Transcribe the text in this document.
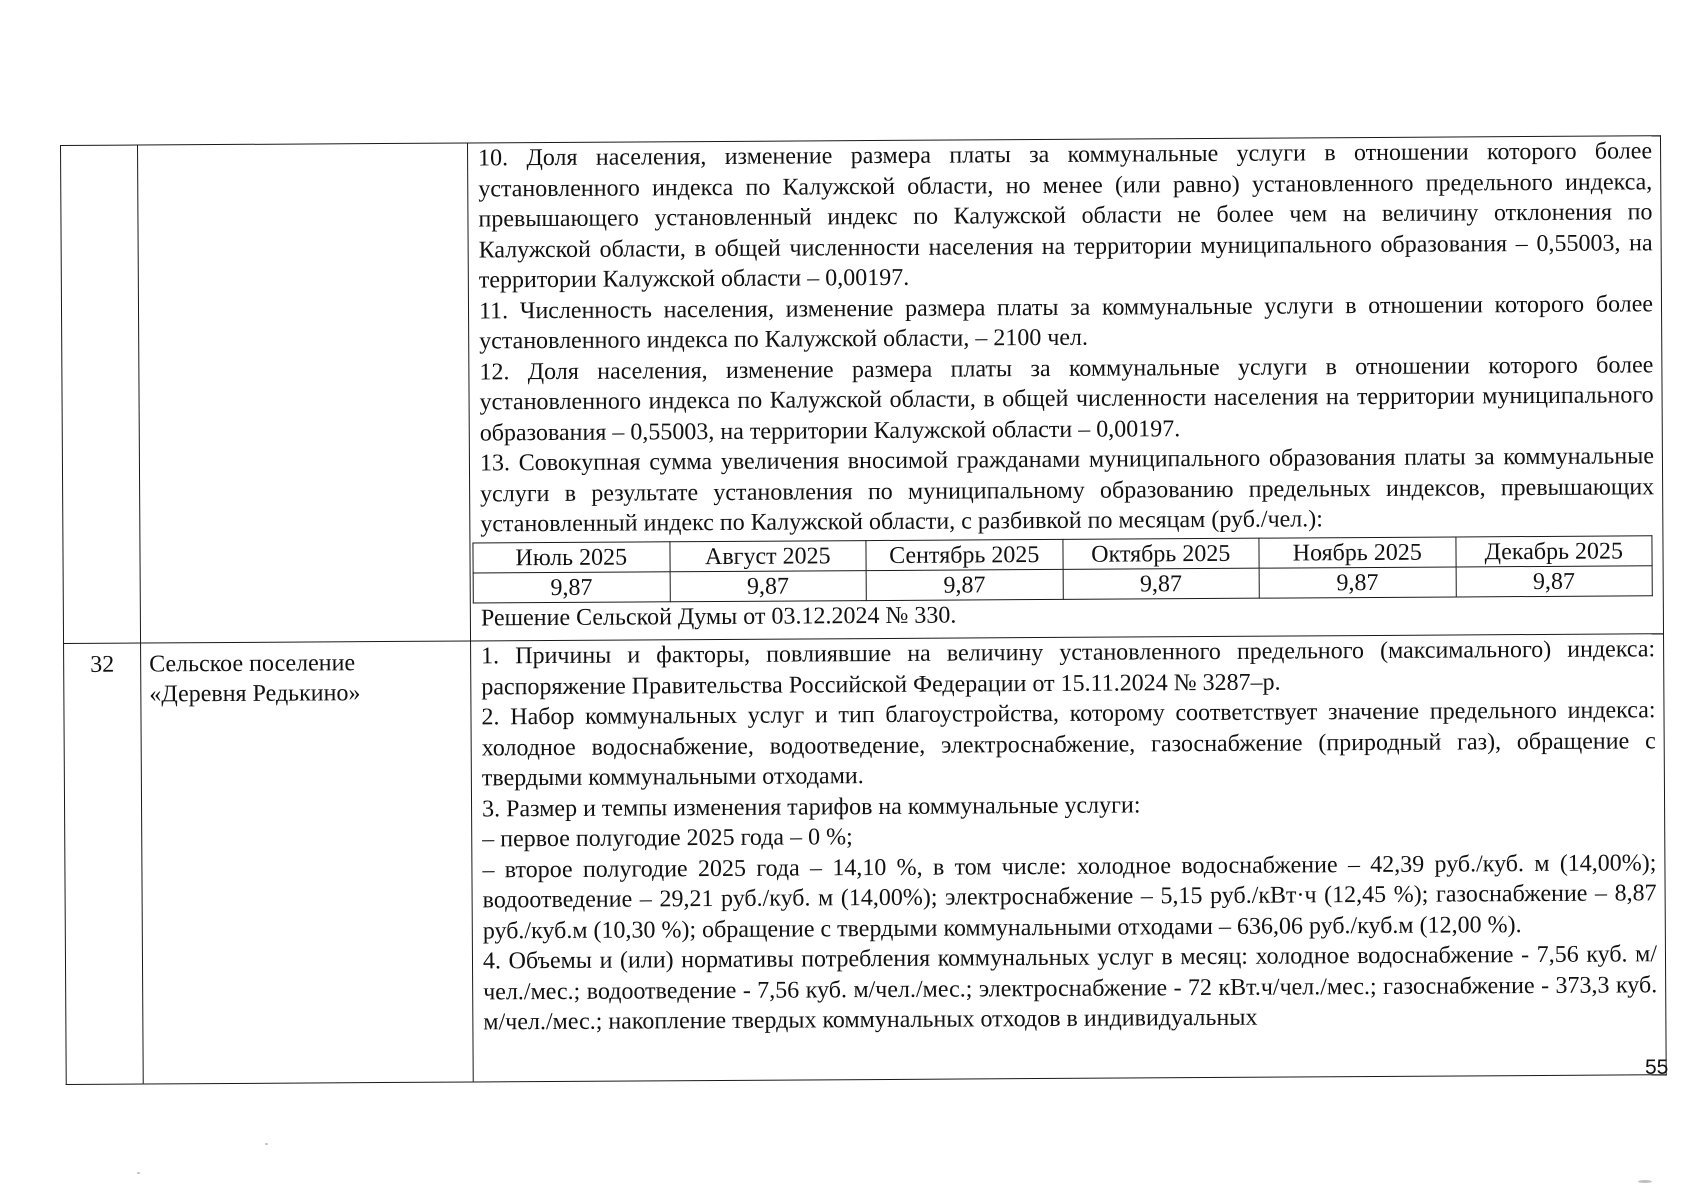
10. Доля населения, изменение размера платы за коммунальные услуги в отношении которого более установленного индекса по Калужской области, но менее (или равно) установленного предельного индекса, превышающего установленный индекс по Калужской области не более чем на величину отклонения по Калужской области, в общей численности населения на территории муниципального образования – 0,55003, на территории Калужской области – 0,00197.

11. Численность населения, изменение размера платы за коммунальные услуги в отношении которого более установленного индекса по Калужской области, – 2100 чел.

12. Доля населения, изменение размера платы за коммунальные услуги в отношении которого более установленного индекса по Калужской области, в общей численности населения на территории муниципального образования – 0,55003, на территории Калужской области – 0,00197.

13. Совокупная сумма увеличения вносимой гражданами муниципального образования платы за коммунальные услуги в результате установления по муниципальному образованию предельных индексов, превышающих установленный индекс по Калужской области, с разбивкой по месяцам (руб./чел.):

Июль 2025	Август 2025	Сентябрь 2025	Октябрь 2025	Ноябрь 2025	Декабрь 2025
9,87	9,87	9,87	9,87	9,87	9,87

Решение Сельской Думы от 03.12.2024 № 330.

32	Сельское поселение
«Деревня Редькино»

1. Причины и факторы, повлиявшие на величину установленного предельного (максимального) индекса: распоряжение Правительства Российской Федерации от 15.11.2024 № 3287–р.

2. Набор коммунальных услуг и тип благоустройства, которому соответствует значение предельного индекса: холодное водоснабжение, водоотведение, электроснабжение, газоснабжение (природный газ), обращение с твердыми коммунальными отходами.

3. Размер и темпы изменения тарифов на коммунальные услуги:

– первое полугодие 2025 года – 0 %;

– второе полугодие 2025 года – 14,10 %, в том числе: холодное водоснабжение – 42,39 руб./куб. м (14,00%); водоотведение – 29,21 руб./куб. м (14,00%); электроснабжение – 5,15 руб./кВт·ч (12,45 %); газоснабжение – 8,87 руб./куб.м (10,30 %); обращение с твердыми коммунальными отходами – 636,06 руб./куб.м (12,00 %).

4. Объемы и (или) нормативы потребления коммунальных услуг в месяц: холодное водоснабжение - 7,56 куб. м/чел./мес.; водоотведение - 7,56 куб. м/чел./мес.; электроснабжение - 72 кВт.ч/чел./мес.; газоснабжение - 373,3 куб. м/чел./мес.; накопление твердых коммунальных отходов в индивидуальных

55
